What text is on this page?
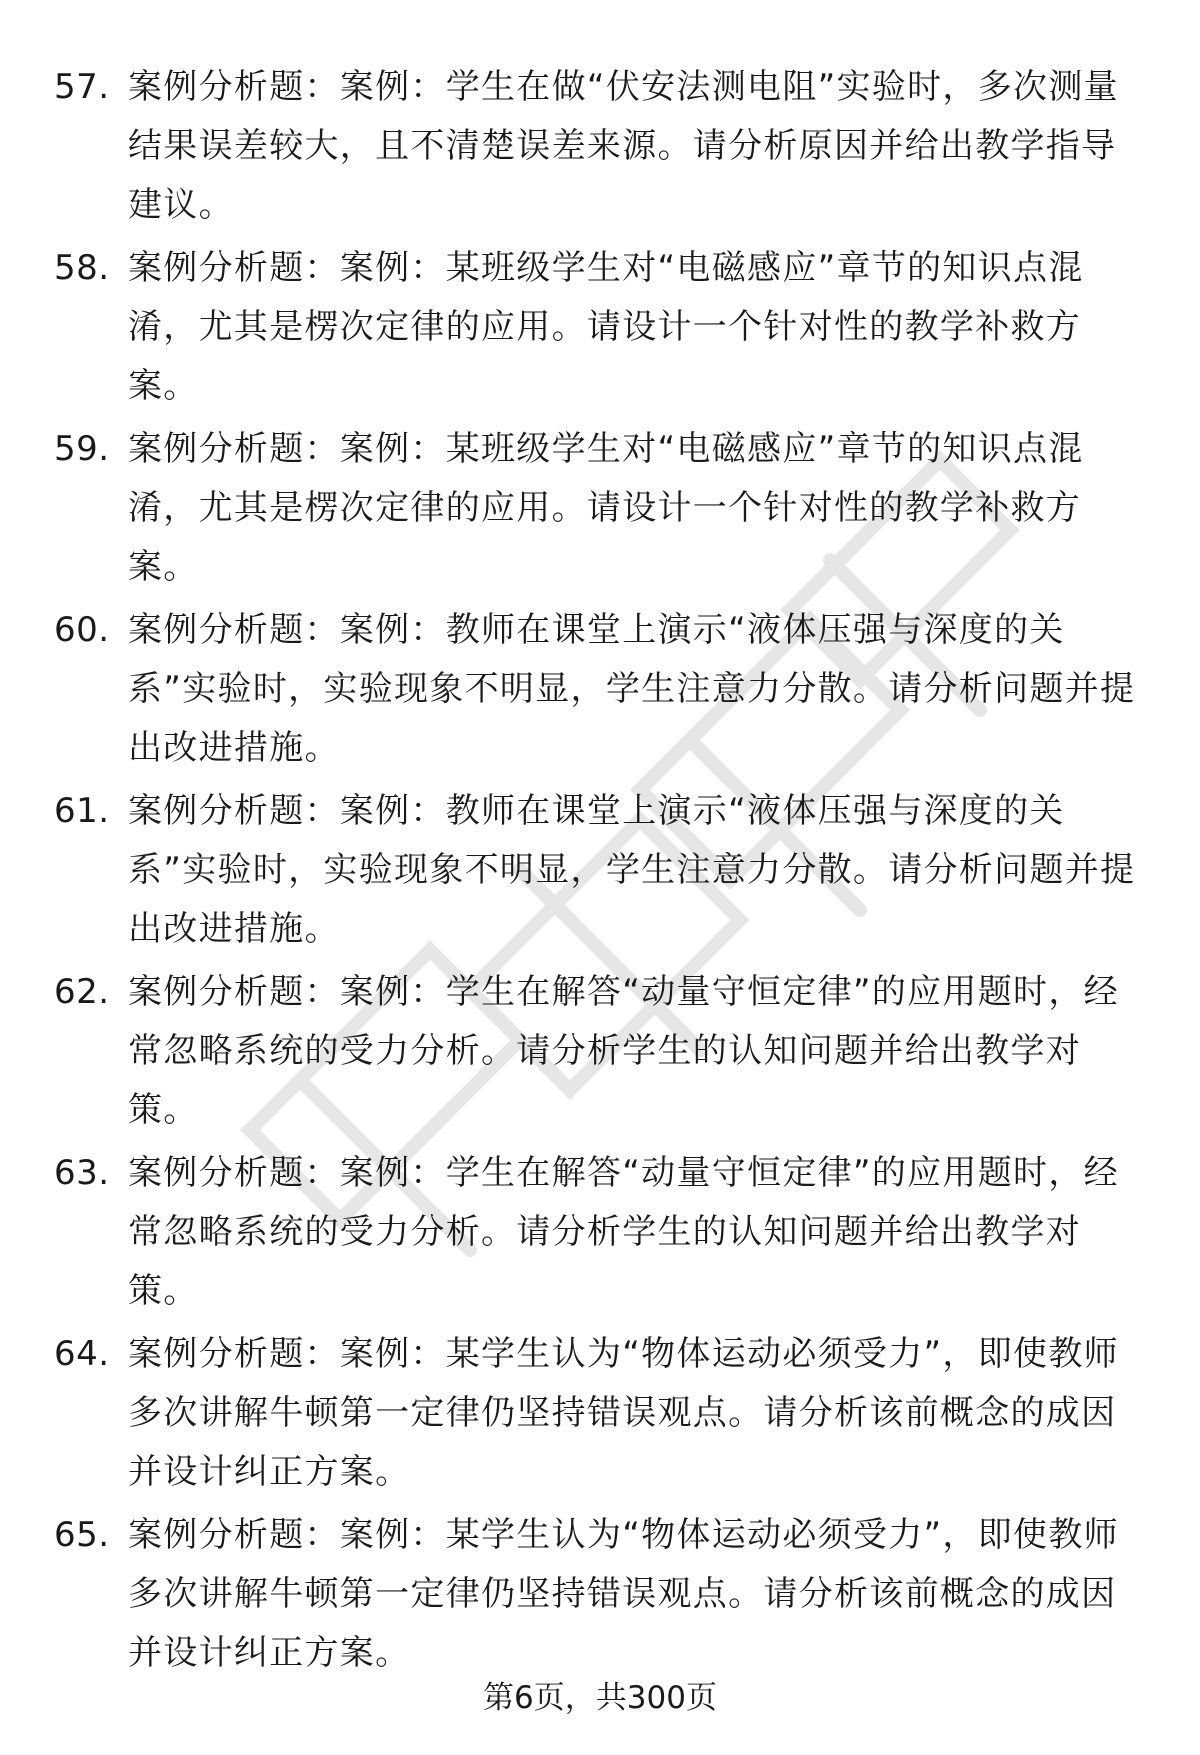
57. 案例分析题：案例：学生在做“伏安法测电阻”实验时，多次测量结果误差较大，且不清楚误差来源。请分析原因并给出教学指导建议。
58. 案例分析题：案例：某班级学生对“电磁感应”章节的知识点混淆，尤其是楞次定律的应用。请设计一个针对性的教学补救方案。
59. 案例分析题：案例：某班级学生对“电磁感应”章节的知识点混淆，尤其是楞次定律的应用。请设计一个针对性的教学补救方案。
60. 案例分析题：案例：教师在课堂上演示“液体压强与深度的关系”实验时，实验现象不明显，学生注意力分散。请分析问题并提出改进措施。
61. 案例分析题：案例：教师在课堂上演示“液体压强与深度的关系”实验时，实验现象不明显，学生注意力分散。请分析问题并提出改进措施。
62. 案例分析题：案例：学生在解答“动量守恒定律”的应用题时，经常忽略系统的受力分析。请分析学生的认知问题并给出教学对策。
63. 案例分析题：案例：学生在解答“动量守恒定律”的应用题时，经常忽略系统的受力分析。请分析学生的认知问题并给出教学对策。
64. 案例分析题：案例：某学生认为“物体运动必须受力”，即使教师多次讲解牛顿第一定律仍坚持错误观点。请分析该前概念的成因并设计纠正方案。
65. 案例分析题：案例：某学生认为“物体运动必须受力”，即使教师多次讲解牛顿第一定律仍坚持错误观点。请分析该前概念的成因并设计纠正方案。
第6页，共300页
